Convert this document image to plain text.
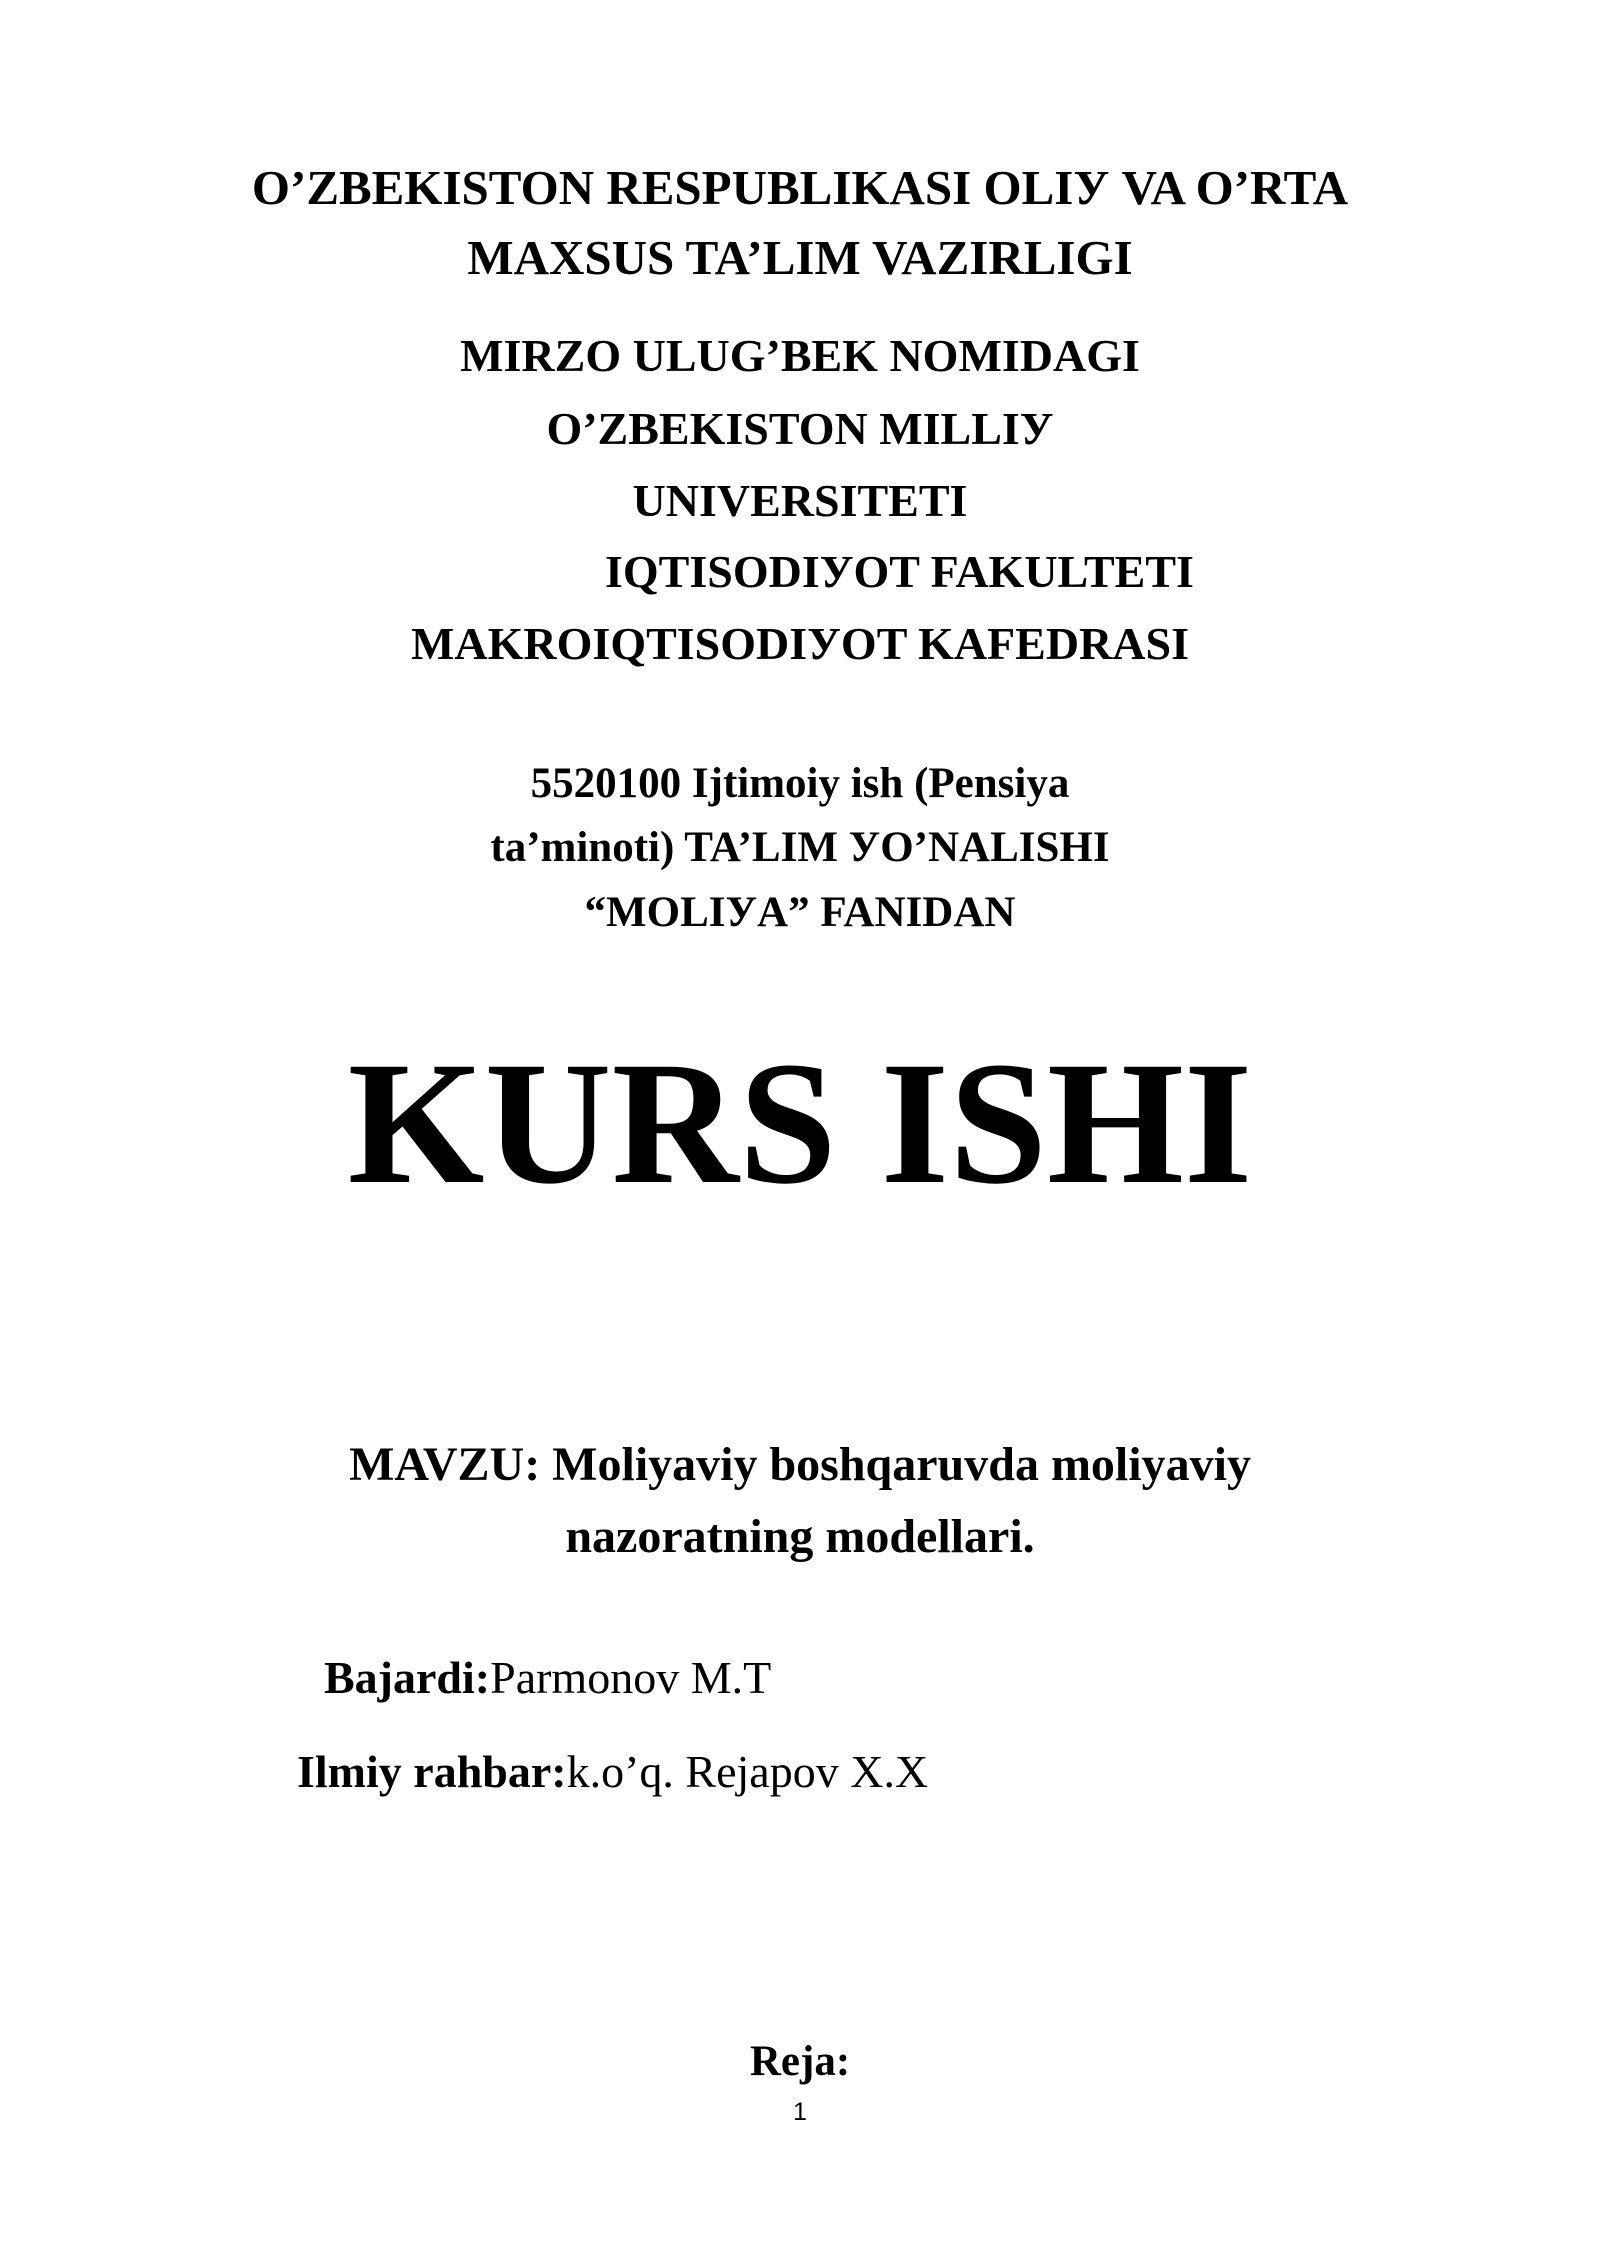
O’ZBEKISTON RESPUBLIKASI OLIУ VA O’RTA
MAXSUS TA’LIM VAZIRLIGI
MIRZO ULUG’BEK NOMIDAGI
O’ZBEKISTON MILLIУ
UNIVERSITETI
IQTISODIУOT FAKULTETI
MAKROIQTISODIУOT KAFEDRASI
5520100 Ijtimoiy ish (Pensiya
ta’minoti) TA’LIM УO’NALISHI
“MOLIУA” FANIDAN
KURS ISHI
MAVZU: Moliyaviy boshqaruvda moliyaviy
nazoratning modellari.
Bajardi:Parmonov M.T
Ilmiy rahbar:k.o’q. Rejapov X.X
Reja:
1
